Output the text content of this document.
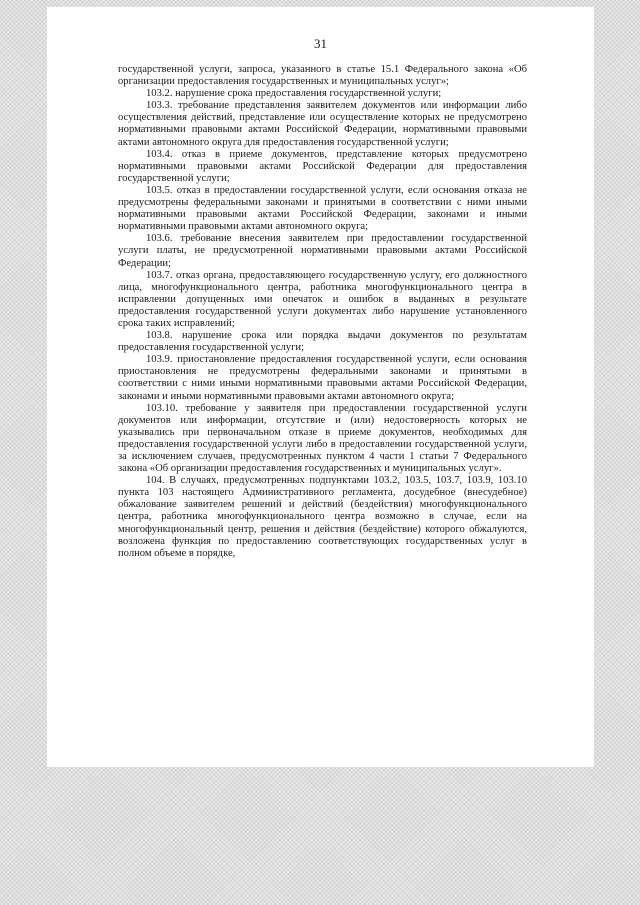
31

государственной услуги, запроса, указанного в статье 15.1 Федерального закона «Об организации предоставления государственных и муниципальных услуг»;

103.2. нарушение срока предоставления государственной услуги;

103.3. требование представления заявителем документов или информации либо осуществления действий, представление или осуществление которых не предусмотрено нормативными правовыми актами Российской Федерации, нормативными правовыми актами автономного округа для предоставления государственной услуги;

103.4. отказ в приеме документов, представление которых предусмотрено нормативными правовыми актами Российской Федерации для предоставления государственной услуги;

103.5. отказ в предоставлении государственной услуги, если основания отказа не предусмотрены федеральными законами и принятыми в соответствии с ними иными нормативными правовыми актами Российской Федерации, законами и иными нормативными правовыми актами автономного округа;

103.6. требование внесения заявителем при предоставлении государственной услуги платы, не предусмотренной нормативными правовыми актами Российской Федерации;

103.7. отказ органа, предоставляющего государственную услугу, его должностного лица, многофункционального центра, работника многофункционального центра в исправлении допущенных ими опечаток и ошибок в выданных в результате предоставления государственной услуги документах либо нарушение установленного срока таких исправлений;

103.8. нарушение срока или порядка выдачи документов по результатам предоставления государственной услуги;

103.9. приостановление предоставления государственной услуги, если основания приостановления не предусмотрены федеральными законами и принятыми в соответствии с ними иными нормативными правовыми актами Российской Федерации, законами и иными нормативными правовыми актами автономного округа;

103.10. требование у заявителя при предоставлении государственной услуги документов или информации, отсутствие и (или) недостоверность которых не указывались при первоначальном отказе в приеме документов, необходимых для предоставления государственной услуги либо в предоставлении государственной услуги, за исключением случаев, предусмотренных пунктом 4 части 1 статьи 7 Федерального закона «Об организации предоставления государственных и муниципальных услуг».

104. В случаях, предусмотренных подпунктами 103.2, 103.5, 103.7, 103.9, 103.10 пункта 103 настоящего Административного регламента, досудебное (внесудебное) обжалование заявителем решений и действий (бездействия) многофункционального центра, работника многофункционального центра возможно в случае, если на многофункциональный центр, решения и действия (бездействие) которого обжалуются, возложена функция по предоставлению соответствующих государственных услуг в полном объеме в порядке,
